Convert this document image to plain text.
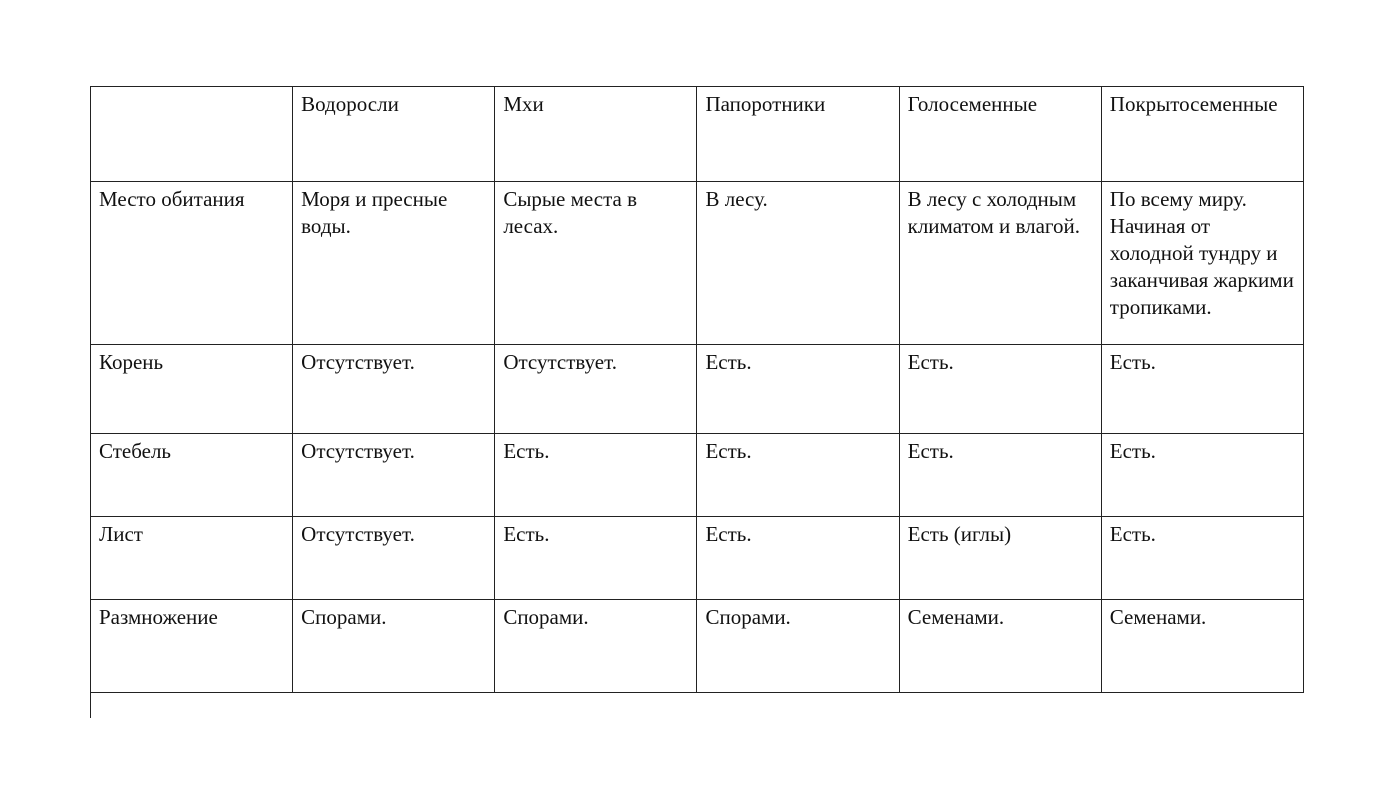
	Водоросли	Мхи	Папоротники	Голосеменные	Покрытосеменные
Место обитания	Моря и пресные воды.	Сырые места в лесах.	В лесу.	В лесу с холодным климатом и влагой.	По всему миру. Начиная от холодной тундру и заканчивая жаркими тропиками.
Корень	Отсутствует.	Отсутствует.	Есть.	Есть.	Есть.
Стебель	Отсутствует.	Есть.	Есть.	Есть.	Есть.
Лист	Отсутствует.	Есть.	Есть.	Есть (иглы)	Есть.
Размножение	Спорами.	Спорами.	Спорами.	Семенами.	Семенами.
